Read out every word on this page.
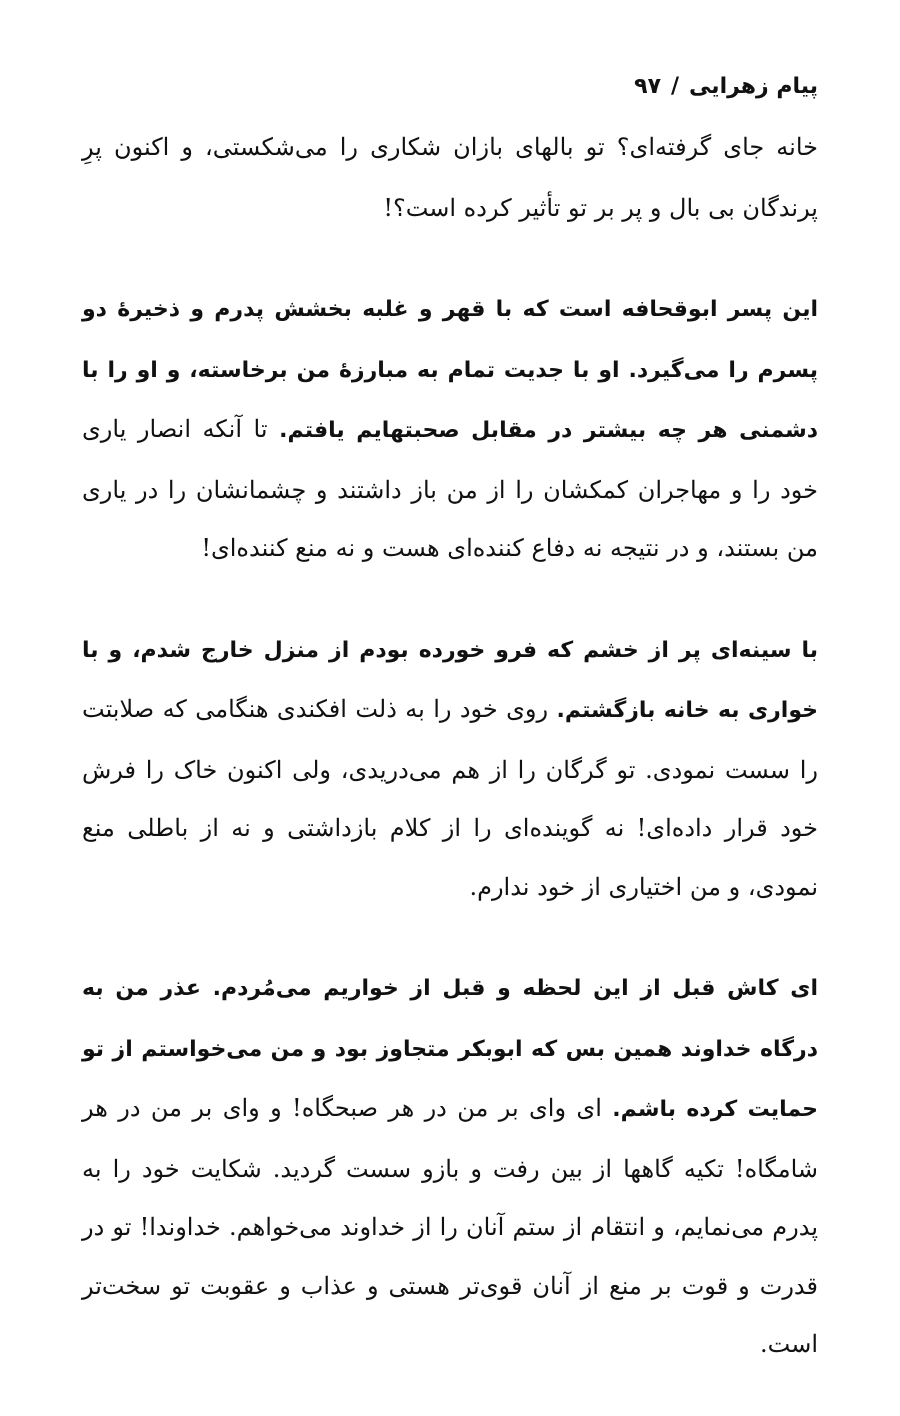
پیام زهرایی/۹۷

خانه جای گرفته‌ای؟ تو بالهای بازان شکاری را می‌شکستی، و اکنون پرِ پرندگان بی بال و پر بر تو تأثیر کرده است؟!

این پسر ابوقحافه است که با قهر و غلبه بخشش پدرم و ذخیرهٔ دو پسرم را می‌گیرد. او با جدیت تمام به مبارزهٔ من برخاسته، و او را با دشمنی هر چه بیشتر در مقابل صحبتهایم یافتم. تا آنکه انصار یاری خود را و مهاجران کمکشان را از من باز داشتند و چشمانشان را در یاری من بستند، و در نتیجه نه دفاع کننده‌ای هست و نه منع کننده‌ای!

با سینه‌ای پر از خشم که فرو خورده بودم از منزل خارج شدم، و با خواری به خانه بازگشتم. روی خود را به ذلت افکندی هنگامی که صلابتت را سست نمودی. تو گرگان را از هم می‌دریدی، ولی اکنون خاک را فرش خود قرار داده‌ای! نه گوینده‌ای را از کلام بازداشتی و نه از باطلی منع نمودی، و من اختیاری از خود ندارم.

ای کاش قبل از این لحظه و قبل از خواریم می‌مُردم. عذر من به درگاه خداوند همین بس که ابوبکر متجاوز بود و من می‌خواستم از تو حمایت کرده باشم. ای وای بر من در هر صبحگاه! و وای بر من در هر شامگاه! تکیه گاهها از بین رفت و بازو سست گردید. شکایت خود را به پدرم می‌نمایم، و انتقام از ستم آنان را از خداوند می‌خواهم. خداوندا! تو در قدرت و قوت بر منع از آنان قوی‌تر هستی و عذاب و عقوبت تو سخت‌تر است.
